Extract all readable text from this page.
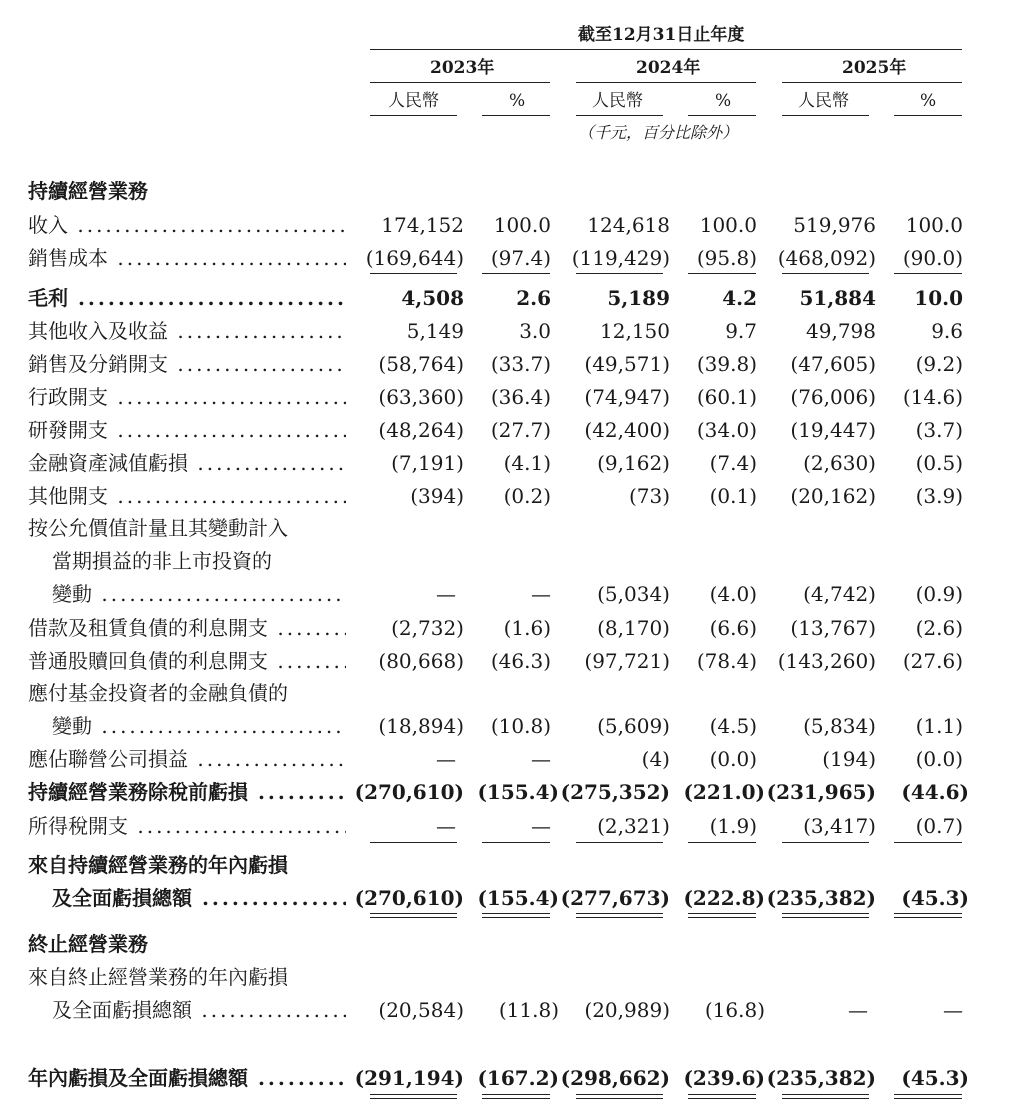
截至12月31日止年度
2023年	2024年	2025年
人民幣	%	人民幣	%	人民幣	%
（千元，百分比除外）
持續經營業務
收入 .....	174,152 100.0 124,618 100.0 519,976 100.0
銷售成本 .....	(169,644) (97.4) (119,429) (95.8) (468,092) (90.0)
毛利 .....	4,508	2.6	5,189	4.2 51,884 10.0
其他收入及收益 .....	5,149	3.0 12,150	9.7 49,798	9.6
銷售及分銷開支 .....	(58,764) (33.7) (49,571) (39.8) (47,605) (9.2)
行政開支 .....	(63,360) (36.4) (74,947) (60.1) (76,006) (14.6)
研發開支 .....	(48,264) (27.7) (42,400) (34.0) (19,447) (3.7)
金融資產減值虧損 .....	(7,191) (4.1) (9,162) (7.4) (2,630) (0.5)
其他開支 .....	(394) (0.2)	(73) (0.1) (20,162) (3.9)
按公允價值計量且其變動計入
當期損益的非上市投資的
變動 .....	—	— (5,034) (4.0) (4,742) (0.9)
借款及租賃負債的利息開支 .....	(2,732) (1.6) (8,170) (6.6) (13,767) (2.6)
普通股贖回負債的利息開支 .....	(80,668) (46.3) (97,721) (78.4) (143,260) (27.6)
應付基金投資者的金融負債的
變動 .....	(18,894) (10.8) (5,609) (4.5) (5,834) (1.1)
應佔聯營公司損益 .....	—	—	(4) (0.0)	(194) (0.0)
持續經營業務除稅前虧損 .....	(270,610) (155.4) (275,352) (221.0) (231,965) (44.6)
所得稅開支 .....	—	— (2,321) (1.9) (3,417) (0.7)
來自持續經營業務的年內虧損
及全面虧損總額 .....	(270,610) (155.4) (277,673) (222.8) (235,382) (45.3)
終止經營業務
來自終止經營業務的年內虧損
及全面虧損總額 .....	(20,584) (11.8) (20,989) (16.8)	—	—
年內虧損及全面虧損總額 .....	(291,194) (167.2) (298,662) (239.6) (235,382) (45.3)
